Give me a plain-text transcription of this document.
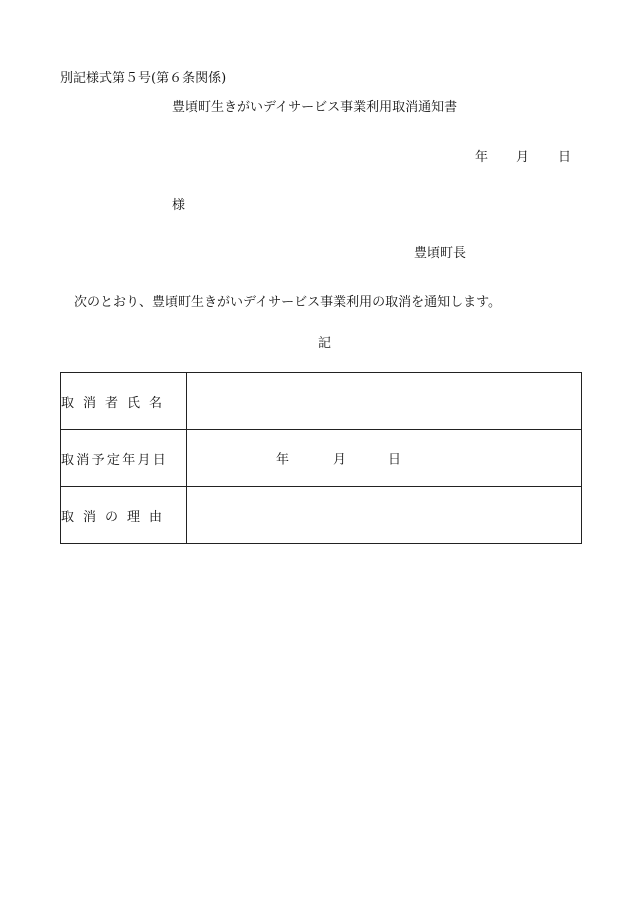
別記様式第５号(第６条関係)
豊頃町生きがいデイサービス事業利用取消通知書
年 月 日
様
豊頃町長
次のとおり、豊頃町生きがいデイサービス事業利用の取消を通知します。
記
取消者氏名	
取消予定年月日	年 月 日

取消の理由	
